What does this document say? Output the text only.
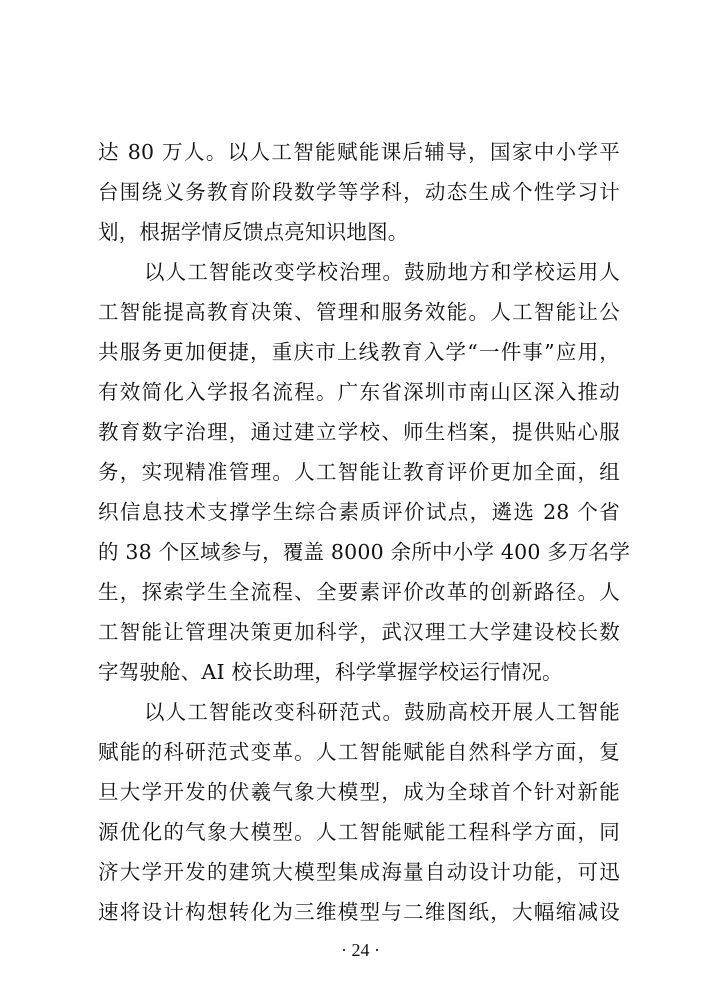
达 80 万人。以人工智能赋能课后辅导，国家中小学平
台围绕义务教育阶段数学等学科，动态生成个性学习计
划，根据学情反馈点亮知识地图。
以人工智能改变学校治理。鼓励地方和学校运用人
工智能提高教育决策、管理和服务效能。人工智能让公
共服务更加便捷，重庆市上线教育入学“一件事”应用，
有效简化入学报名流程。广东省深圳市南山区深入推动
教育数字治理，通过建立学校、师生档案，提供贴心服
务，实现精准管理。人工智能让教育评价更加全面，组
织信息技术支撑学生综合素质评价试点，遴选 28 个省
的 38 个区域参与，覆盖 8000 余所中小学 400 多万名学
生，探索学生全流程、全要素评价改革的创新路径。人
工智能让管理决策更加科学，武汉理工大学建设校长数
字驾驶舱、AI 校长助理，科学掌握学校运行情况。
以人工智能改变科研范式。鼓励高校开展人工智能
赋能的科研范式变革。人工智能赋能自然科学方面，复
旦大学开发的伏羲气象大模型，成为全球首个针对新能
源优化的气象大模型。人工智能赋能工程科学方面，同
济大学开发的建筑大模型集成海量自动设计功能，可迅
速将设计构想转化为三维模型与二维图纸，大幅缩减设
· 24 ·
